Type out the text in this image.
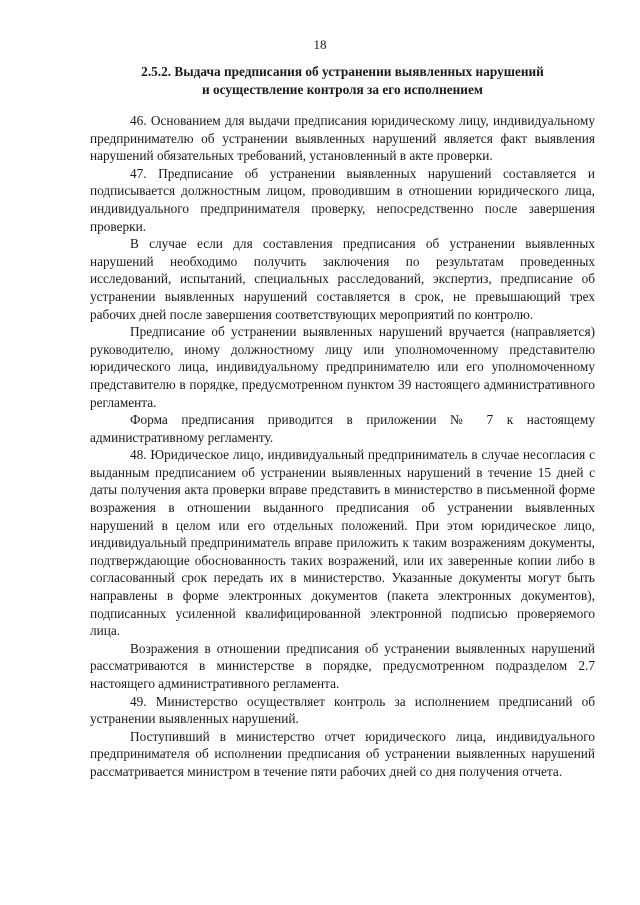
18
2.5.2. Выдача предписания об устранении выявленных нарушений
и осуществление контроля за его исполнением

46. Основанием для выдачи предписания юридическому лицу, индивидуальному предпринимателю об устранении выявленных нарушений является факт выявления нарушений обязательных требований, установленный в акте проверки.

47. Предписание об устранении выявленных нарушений составляется и подписывается должностным лицом, проводившим в отношении юридического лица, индивидуального предпринимателя проверку, непосредственно после завершения проверки.

В случае если для составления предписания об устранении выявленных нарушений необходимо получить заключения по результатам проведенных исследований, испытаний, специальных расследований, экспертиз, предписание об устранении выявленных нарушений составляется в срок, не превышающий трех рабочих дней после завершения соответствующих мероприятий по контролю.

Предписание об устранении выявленных нарушений вручается (направляется) руководителю, иному должностному лицу или уполномоченному представителю юридического лица, индивидуальному предпринимателю или его уполномоченному представителю в порядке, предусмотренном пунктом 39 настоящего административного регламента.

Форма предписания приводится в приложении № 7 к настоящему административному регламенту.

48. Юридическое лицо, индивидуальный предприниматель в случае несогласия с выданным предписанием об устранении выявленных нарушений в течение 15 дней с даты получения акта проверки вправе представить в министерство в письменной форме возражения в отношении выданного предписания об устранении выявленных нарушений в целом или его отдельных положений. При этом юридическое лицо, индивидуальный предприниматель вправе приложить к таким возражениям документы, подтверждающие обоснованность таких возражений, или их заверенные копии либо в согласованный срок передать их в министерство. Указанные документы могут быть направлены в форме электронных документов (пакета электронных документов), подписанных усиленной квалифицированной электронной подписью проверяемого лица.

Возражения в отношении предписания об устранении выявленных нарушений рассматриваются в министерстве в порядке, предусмотренном подразделом 2.7 настоящего административного регламента.

49. Министерство осуществляет контроль за исполнением предписаний об устранении выявленных нарушений.

Поступивший в министерство отчет юридического лица, индивидуального предпринимателя об исполнении предписания об устранении выявленных нарушений рассматривается министром в течение пяти рабочих дней со дня получения отчета.
